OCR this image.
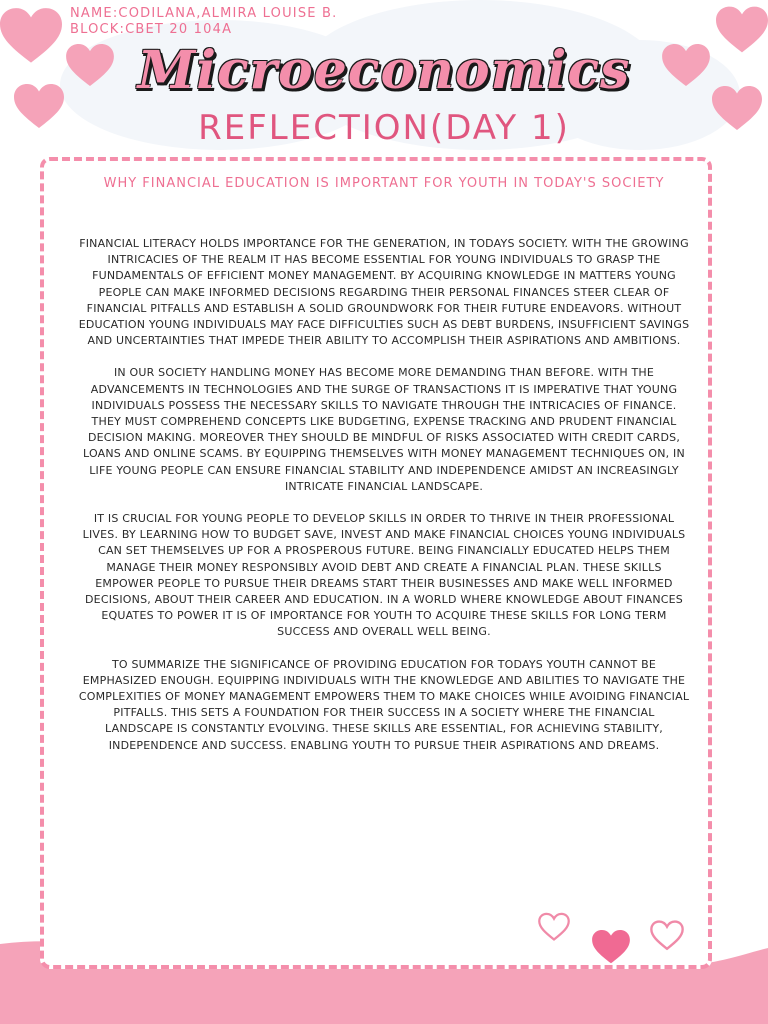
NAME:CODILANA,ALMIRA LOUISE B.
BLOCK:CBET 20 104A
Microeconomics
REFLECTION(DAY 1)
WHY FINANCIAL EDUCATION IS IMPORTANT FOR YOUTH IN TODAY'S SOCIETY

FINANCIAL LITERACY HOLDS IMPORTANCE FOR THE GENERATION, IN TODAYS SOCIETY. WITH THE GROWING INTRICACIES OF THE REALM IT HAS BECOME ESSENTIAL FOR YOUNG INDIVIDUALS TO GRASP THE FUNDAMENTALS OF EFFICIENT MONEY MANAGEMENT. BY ACQUIRING KNOWLEDGE IN MATTERS YOUNG PEOPLE CAN MAKE INFORMED DECISIONS REGARDING THEIR PERSONAL FINANCES STEER CLEAR OF FINANCIAL PITFALLS AND ESTABLISH A SOLID GROUNDWORK FOR THEIR FUTURE ENDEAVORS. WITHOUT EDUCATION YOUNG INDIVIDUALS MAY FACE DIFFICULTIES SUCH AS DEBT BURDENS, INSUFFICIENT SAVINGS AND UNCERTAINTIES THAT IMPEDE THEIR ABILITY TO ACCOMPLISH THEIR ASPIRATIONS AND AMBITIONS.

IN OUR SOCIETY HANDLING MONEY HAS BECOME MORE DEMANDING THAN BEFORE. WITH THE ADVANCEMENTS IN TECHNOLOGIES AND THE SURGE OF TRANSACTIONS IT IS IMPERATIVE THAT YOUNG INDIVIDUALS POSSESS THE NECESSARY SKILLS TO NAVIGATE THROUGH THE INTRICACIES OF FINANCE. THEY MUST COMPREHEND CONCEPTS LIKE BUDGETING, EXPENSE TRACKING AND PRUDENT FINANCIAL DECISION MAKING. MOREOVER THEY SHOULD BE MINDFUL OF RISKS ASSOCIATED WITH CREDIT CARDS, LOANS AND ONLINE SCAMS. BY EQUIPPING THEMSELVES WITH MONEY MANAGEMENT TECHNIQUES ON, IN LIFE YOUNG PEOPLE CAN ENSURE FINANCIAL STABILITY AND INDEPENDENCE AMIDST AN INCREASINGLY INTRICATE FINANCIAL LANDSCAPE.

IT IS CRUCIAL FOR YOUNG PEOPLE TO DEVELOP SKILLS IN ORDER TO THRIVE IN THEIR PROFESSIONAL LIVES. BY LEARNING HOW TO BUDGET SAVE, INVEST AND MAKE FINANCIAL CHOICES YOUNG INDIVIDUALS CAN SET THEMSELVES UP FOR A PROSPEROUS FUTURE. BEING FINANCIALLY EDUCATED HELPS THEM MANAGE THEIR MONEY RESPONSIBLY AVOID DEBT AND CREATE A FINANCIAL PLAN. THESE SKILLS EMPOWER PEOPLE TO PURSUE THEIR DREAMS START THEIR BUSINESSES AND MAKE WELL INFORMED DECISIONS, ABOUT THEIR CAREER AND EDUCATION. IN A WORLD WHERE KNOWLEDGE ABOUT FINANCES EQUATES TO POWER IT IS OF IMPORTANCE FOR YOUTH TO ACQUIRE THESE SKILLS FOR LONG TERM SUCCESS AND OVERALL WELL BEING.

TO SUMMARIZE THE SIGNIFICANCE OF PROVIDING EDUCATION FOR TODAYS YOUTH CANNOT BE EMPHASIZED ENOUGH. EQUIPPING INDIVIDUALS WITH THE KNOWLEDGE AND ABILITIES TO NAVIGATE THE COMPLEXITIES OF MONEY MANAGEMENT EMPOWERS THEM TO MAKE CHOICES WHILE AVOIDING FINANCIAL PITFALLS. THIS SETS A FOUNDATION FOR THEIR SUCCESS IN A SOCIETY WHERE THE FINANCIAL LANDSCAPE IS CONSTANTLY EVOLVING. THESE SKILLS ARE ESSENTIAL, FOR ACHIEVING STABILITY, INDEPENDENCE AND SUCCESS. ENABLING YOUTH TO PURSUE THEIR ASPIRATIONS AND DREAMS.
